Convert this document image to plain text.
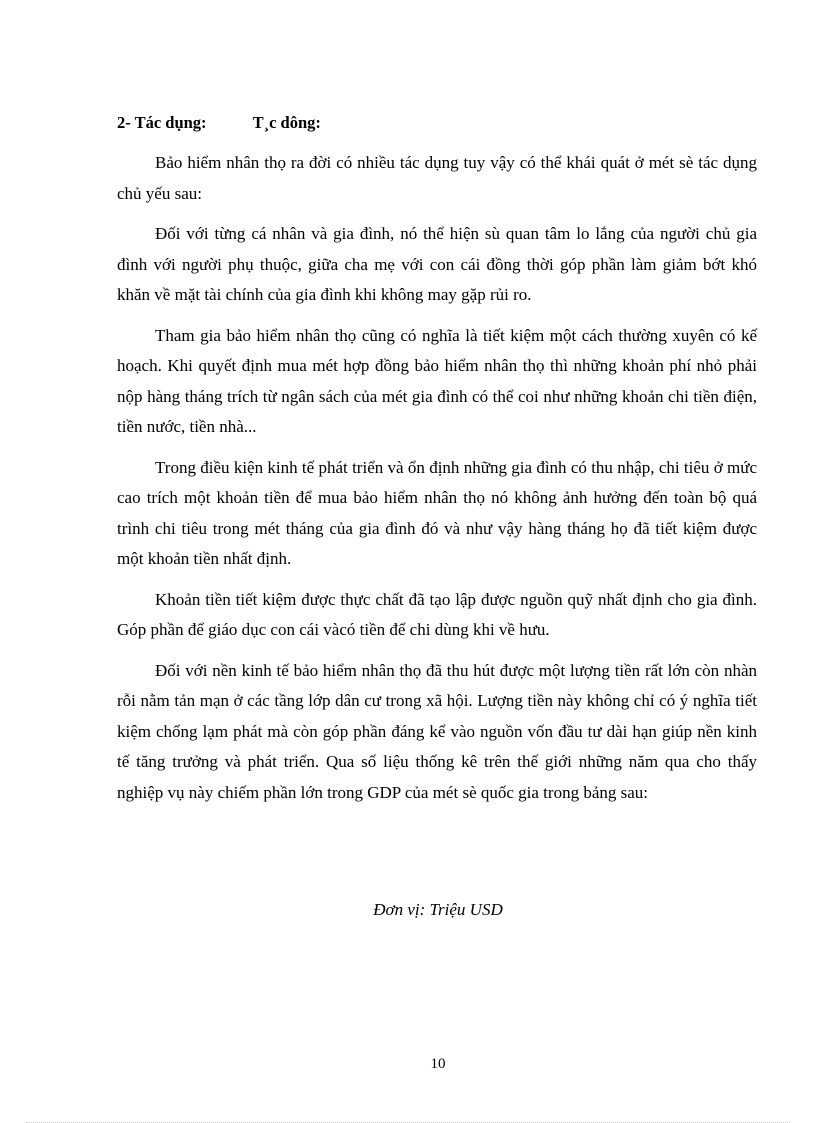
2- Tác dụng:	T¸c dông:

Bảo hiểm nhân thọ ra đời có nhiều tác dụng tuy vậy có thể khái quát ở mét sè tác dụng chủ yếu sau:

Đối với từng cá nhân và gia đình, nó thể hiện sù quan tâm lo lắng của người chủ gia đình với người phụ thuộc, giữa cha mẹ với con cái đồng thời góp phần làm giảm bớt khó khăn về mặt tài chính của gia đình khi không may gặp rủi ro.

Tham gia bảo hiểm nhân thọ cũng có nghĩa là tiết kiệm một cách thường xuyên có kế hoạch. Khi quyết định mua mét hợp đồng bảo hiểm nhân thọ thì những khoản phí nhỏ phải nộp hàng tháng trích từ ngân sách của mét gia đình có thể coi như những khoản chi tiền điện, tiền nước, tiền nhà...

Trong điều kiện kinh tế phát triển và ổn định những gia đình có thu nhập, chi tiêu ở mức cao trích một khoản tiền để mua bảo hiểm nhân thọ nó không ảnh hưởng đến toàn bộ quá trình chi tiêu trong mét tháng của gia đình đó và như vậy hàng tháng họ đã tiết kiệm được một khoản tiền nhất định.

Khoản tiền tiết kiệm được thực chất đã tạo lập được nguồn quỹ nhất định cho gia đình. Góp phần để giáo dục con cái vàcó tiền để chi dùng khi về hưu.

Đối với nền kinh tế bảo hiểm nhân thọ đã thu hút được một lượng tiền rất lớn còn nhàn rỗi nằm tản mạn ở các tầng lớp dân cư trong xã hội. Lượng tiền này không chỉ có ý nghĩa tiết kiệm chống lạm phát mà còn góp phần đáng kể vào nguồn vốn đầu tư dài hạn giúp nền kinh tế tăng trưởng và phát triển. Qua số liệu thống kê trên thế giới những năm qua cho thấy nghiệp vụ này chiếm phần lớn trong GDP của mét sè quốc gia trong bảng sau:

Đơn vị: Triệu USD
10
